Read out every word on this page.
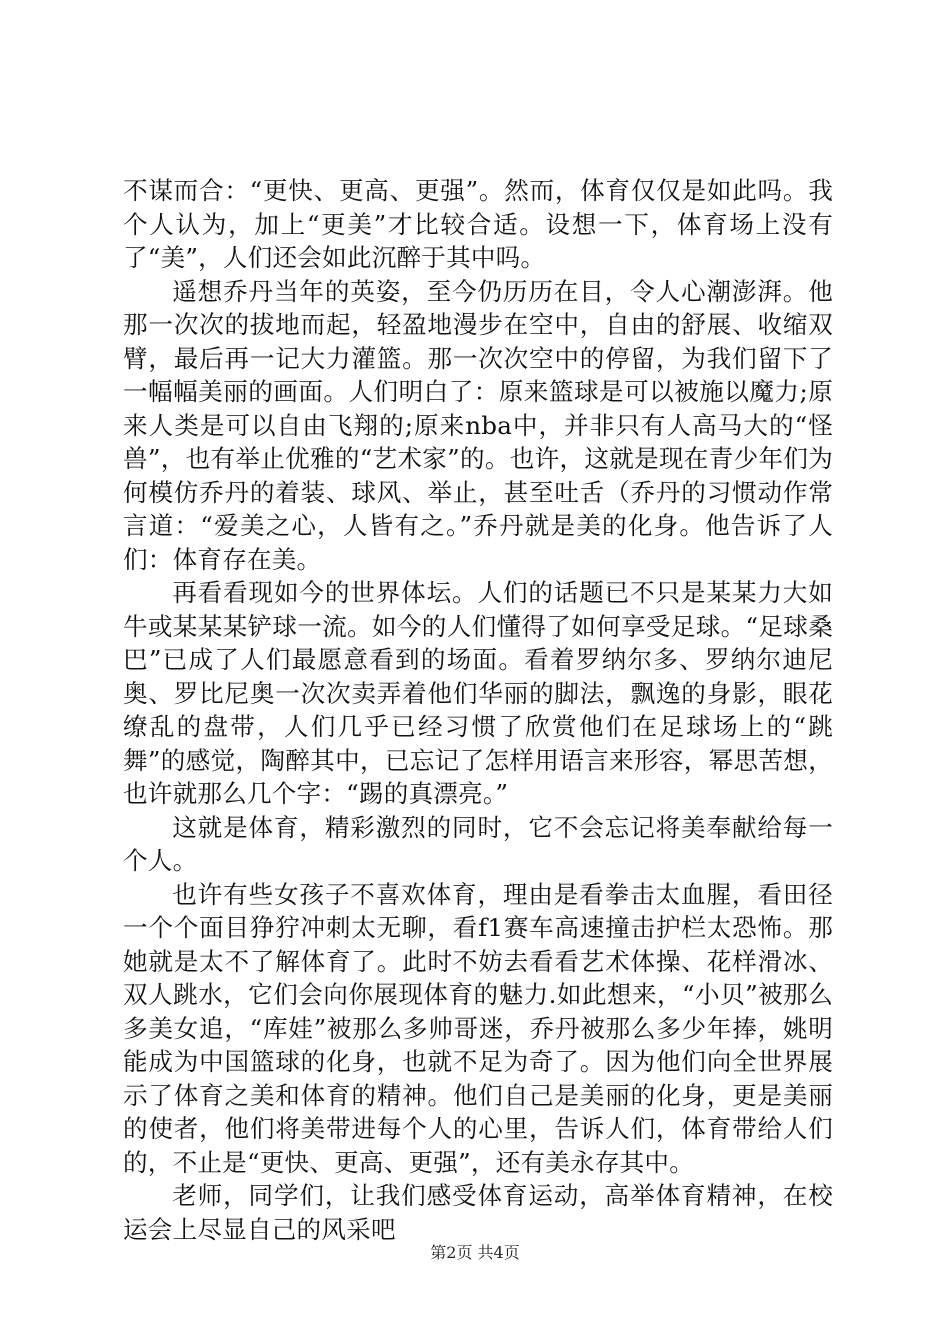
不谋而合：“更快、更高、更强”。然而，体育仅仅是如此吗。我个人认为，加上“更美”才比较合适。设想一下，体育场上没有了“美”，人们还会如此沉醉于其中吗。

遥想乔丹当年的英姿，至今仍历历在目，令人心潮澎湃。他那一次次的拔地而起，轻盈地漫步在空中，自由的舒展、收缩双臂，最后再一记大力灌篮。那一次次空中的停留，为我们留下了一幅幅美丽的画面。人们明白了：原来篮球是可以被施以魔力;原来人类是可以自由飞翔的;原来nba中，并非只有人高马大的“怪兽”，也有举止优雅的“艺术家”的。也许，这就是现在青少年们为何模仿乔丹的着装、球风、举止，甚至吐舌（乔丹的习惯动作常言道：“爱美之心，人皆有之。”乔丹就是美的化身。他告诉了人们：体育存在美。

再看看现如今的世界体坛。人们的话题已不只是某某力大如牛或某某某铲球一流。如今的人们懂得了如何享受足球。“足球桑巴”已成了人们最愿意看到的场面。看着罗纳尔多、罗纳尔迪尼奥、罗比尼奥一次次卖弄着他们华丽的脚法，飘逸的身影，眼花缭乱的盘带，人们几乎已经习惯了欣赏他们在足球场上的“跳舞”的感觉，陶醉其中，已忘记了怎样用语言来形容，幂思苦想，也许就那么几个字：“踢的真漂亮。”

这就是体育，精彩激烈的同时，它不会忘记将美奉献给每一个人。

也许有些女孩子不喜欢体育，理由是看拳击太血腥，看田径一个个面目狰狞冲刺太无聊，看f1赛车高速撞击护栏太恐怖。那她就是太不了解体育了。此时不妨去看看艺术体操、花样滑冰、双人跳水，它们会向你展现体育的魅力.如此想来，“小贝”被那么多美女追，“库娃”被那么多帅哥迷，乔丹被那么多少年捧，姚明能成为中国篮球的化身，也就不足为奇了。因为他们向全世界展示了体育之美和体育的精神。他们自己是美丽的化身，更是美丽的使者，他们将美带进每个人的心里，告诉人们，体育带给人们的，不止是“更快、更高、更强”，还有美永存其中。

老师，同学们，让我们感受体育运动，高举体育精神，在校运会上尽显自己的风采吧

第2页 共4页
